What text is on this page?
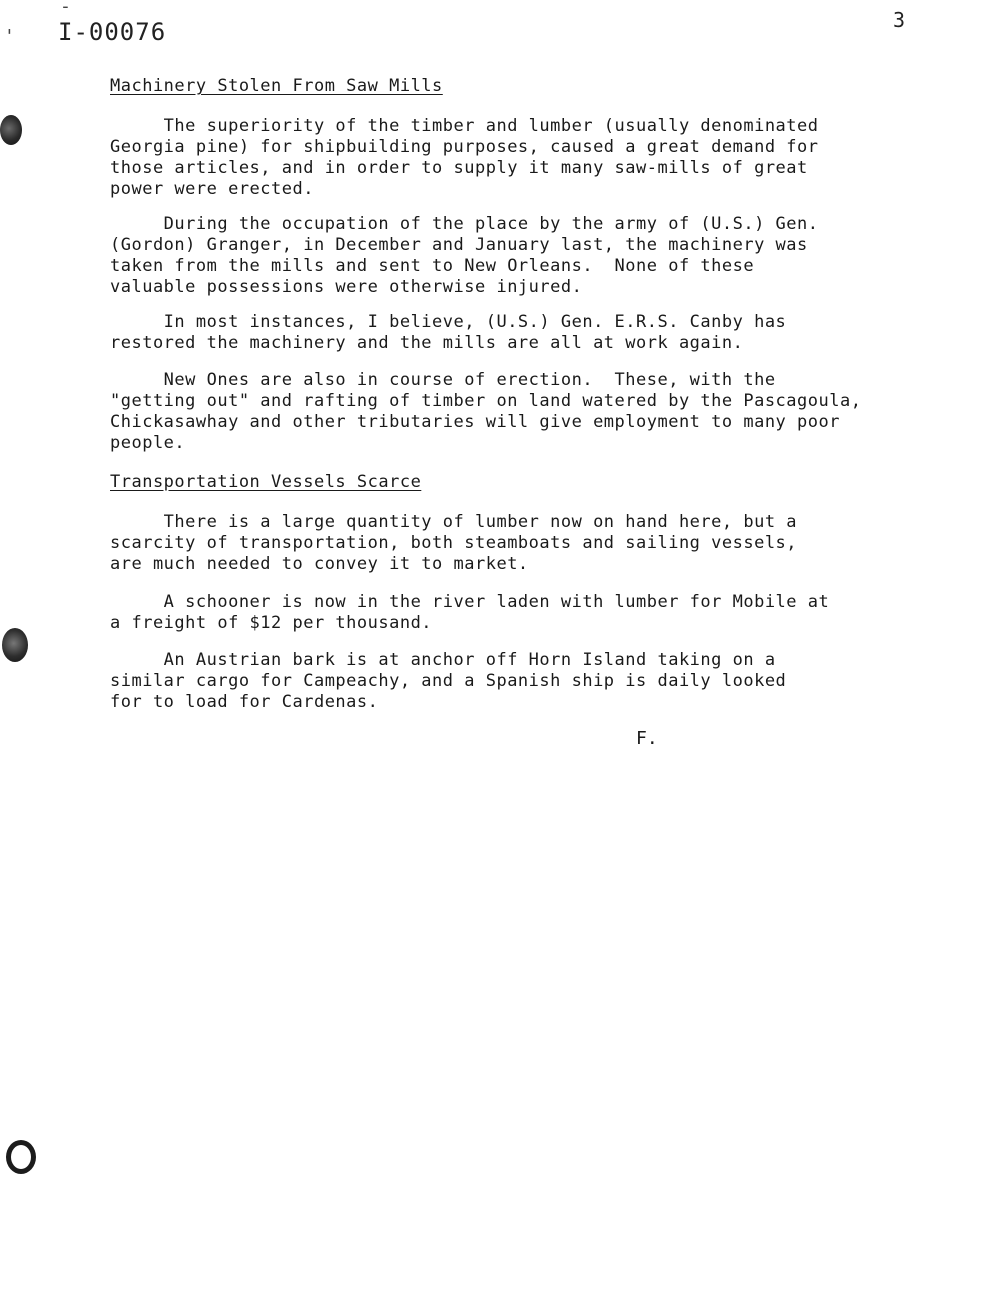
'
-
I-00076	3
Machinery Stolen From Saw Mills
The superiority of the timber and lumber (usually denominated
Georgia pine) for shipbuilding purposes, caused a great demand for
those articles, and in order to supply it many saw-mills of great
power were erected.
During the occupation of the place by the army of (U.S.) Gen.
(Gordon) Granger, in December and January last, the machinery was
taken from the mills and sent to New Orleans.  None of these
valuable possessions were otherwise injured.
In most instances, I believe, (U.S.) Gen. E.R.S. Canby has
restored the machinery and the mills are all at work again.
New Ones are also in course of erection.  These, with the
"getting out" and rafting of timber on land watered by the Pascagoula,
Chickasawhay and other tributaries will give employment to many poor
people.
Transportation Vessels Scarce
There is a large quantity of lumber now on hand here, but a
scarcity of transportation, both steamboats and sailing vessels,
are much needed to convey it to market.
A schooner is now in the river laden with lumber for Mobile at
a freight of $12 per thousand.
An Austrian bark is at anchor off Horn Island taking on a
similar cargo for Campeachy, and a Spanish ship is daily looked
for to load for Cardenas.
F.
